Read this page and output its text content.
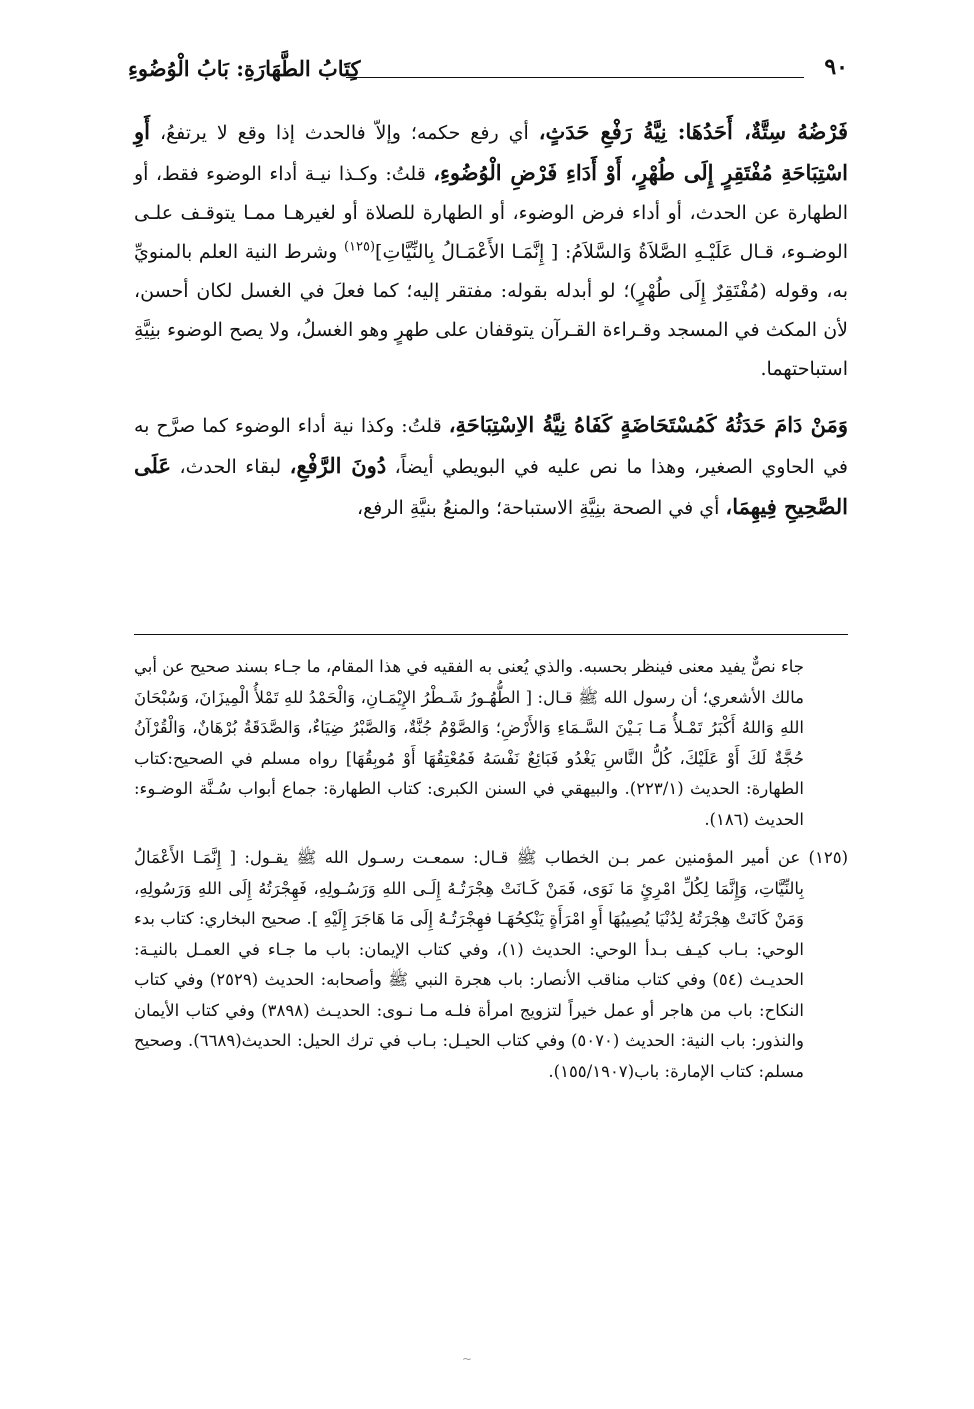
كِتَابُ الطَّهَارَةِ: بَابُ الْوُضُوءِ	٩٠

فَرْضُهُ سِتَّةٌ، أَحَدُهَا: نِيَّةُ رَفْعِ حَدَثٍ، أي رفع حكمه؛ وإلاّ فالحدث إذا وقع لا يرتفعُ، أَوِ اسْتِبَاحَةِ مُفْتَقِرٍ إِلَى طُهْرٍ، أَوْ أَدَاءِ فَرْضِ الْوُضُوءِ، قلتُ: وكـذا نيـة أداء الوضوء فقط، أو الطهارة عن الحدث، أو أداء فرض الوضوء، أو الطهارة للصلاة أو لغيرهـا ممـا يتوقـف علـى الوضـوء، قـال عَلَيْـهِ الصَّلاَةُ وَالسَّلاَمُ: [ إِنَّمَـا الأَعْمَـالُ بِالنِّيَّاتِ]$^{(١٢٥)}$ وشرط النية العلم بالمنويِّ به، وقوله (مُفْتَقِرٌ إِلَى طُهْرٍ)؛ لو أبدله بقوله: مفتقر إليه؛ كما فعلَ في الغسل لكان أحسن، لأن المكث في المسجد وقـراءة القـرآن يتوقفان على طهرٍ وهو الغسلُ، ولا يصح الوضوء بنِيَّةِ استباحتهما.

وَمَنْ دَامَ حَدَثُهُ كَمُسْتَحَاضَةٍ كَفَاهُ نِيَّةُ الاِسْتِبَاحَةِ، قلتُ: وكذا نية أداء الوضوء كما صرَّح به في الحاوي الصغير، وهذا ما نص عليه في البويطي أيضاً، دُونَ الرَّفْعِ، لبقاء الحدث، عَلَى الصَّحِيحِ فِيهِمَا، أي في الصحة بنِيَّةِ الاستباحة؛ والمنعُ بنيَّةِ الرفع،

جاء نصٌّ يفيد معنى فينظر بحسبه. والذي يُعنى به الفقيه في هذا المقام، ما جـاء بسند صحيح عن أبي مالك الأشعري؛ أن رسول الله ﷺ قـال: [ الطُّهُـورُ شَـطْرُ الإِيْمَـانِ، وَالْحَمْدُ للهِ تَمْلأُ الْمِيزَانَ، وَسُبْحَانَ اللهِ وَاللهُ أَكْبَرُ تَمْـلأُ مَـا بَـيْنَ السَّـمَاءِ وَالأَرْضِ؛ وَالصَّوْمُ جُنَّةٌ، وَالصَّبْرُ ضِيَاءٌ، وَالصَّدَقَةُ بُرْهَانٌ، وَالْقُرْآنُ حُجَّةٌ لَكَ أَوْ عَلَيْكَ، كُلُّ النَّاسِ يَغْدُو فَبَائِعٌ نَفْسَهُ فَمُعْتِقُهَا أَوْ مُوبِقُهَا] رواه مسلم في الصحيح:كتاب الطهارة: الحديث (٢٢٣/١). والبيهقي في السنن الكبرى: كتاب الطهارة: جماع أبواب سُـنَّة الوضـوء: الحديث (١٨٦).

(١٢٥) عن أمير المؤمنين عمر بـن الخطاب ﷺ قـال: سمعـت رسـول الله ﷺ يقـول: [ إِنَّمَـا الأَعْمَالُ بِالنِّيَّاتِ، وَإِنَّمَا لِكُلِّ امْرِئٍ مَا نَوَى، فَمَنْ كَـانَتْ هِجْرَتُـهُ إِلَـى اللهِ وَرَسُـولِهِ، فَهِجْرَتُهُ إِلَى اللهِ وَرَسُولِهِ، وَمَنْ كَانَتْ هِجْرَتُهُ لِدُنْيَا يُصِيبُهَا أَوِ امْرَأَةٍ يَنْكِحُهَـا فهِجْرَتُـهُ إِلَى مَا هَاجَرَ إِلَيْهِ ]. صحيح البخاري: كتاب بدء الوحي: بـاب كيـف بـدأ الوحي: الحديث (١)، وفي كتاب الإيمان: باب ما جـاء في العمـل بالنيـة: الحديـث (٥٤) وفي كتاب مناقب الأنصار: باب هجرة النبي ﷺ وأصحابه: الحديث (٢٥٢٩) وفي كتاب النكاح: باب من هاجر أو عمل خيراً لتزويج امرأة فلـه مـا نـوى: الحديـث (٣٨٩٨) وفي كتاب الأيمان والنذور: باب النية: الحديث (٥٠٧٠) وفي كتاب الحيـل: بـاب في ترك الحيل: الحديث(٦٦٨٩). وصحيح مسلم: كتاب الإمارة: باب(١٥٥/١٩٠٧).

~
